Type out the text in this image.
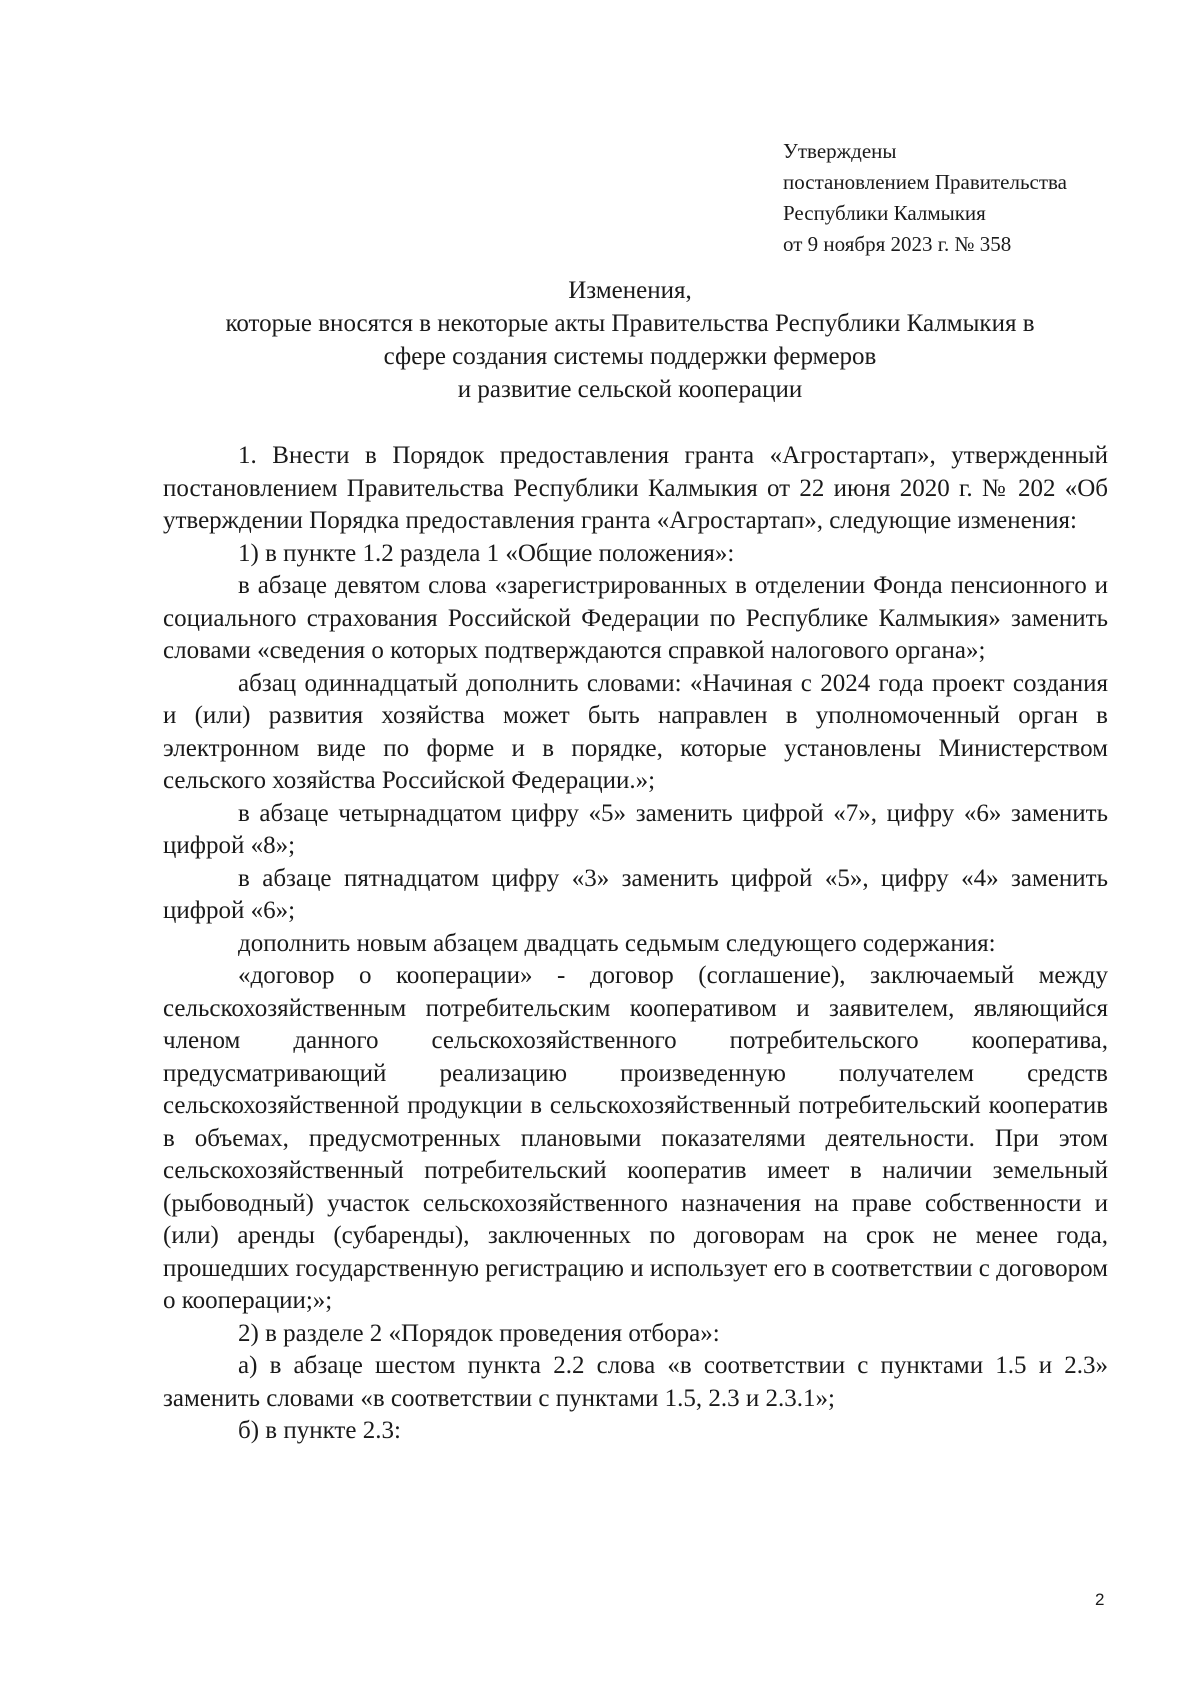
Утверждены
постановлением Правительства
Республики Калмыкия
от 9 ноября 2023 г. № 358
Изменения,
которые вносятся в некоторые акты Правительства Республики Калмыкия в
сфере создания системы поддержки фермеров
и развитие сельской кооперации

1. Внести в Порядок предоставления гранта «Агростартап», утвержденный постановлением Правительства Республики Калмыкия от 22 июня 2020 г. № 202 «Об утверждении Порядка предоставления гранта «Агростартап», следующие изменения:

1) в пункте 1.2 раздела 1 «Общие положения»:

в абзаце девятом слова «зарегистрированных в отделении Фонда пенсионного и социального страхования Российской Федерации по Республике Калмыкия» заменить словами «сведения о которых подтверждаются справкой налогового органа»;

абзац одиннадцатый дополнить словами: «Начиная с 2024 года проект создания и (или) развития хозяйства может быть направлен в уполномоченный орган в электронном виде по форме и в порядке, которые установлены Министерством сельского хозяйства Российской Федерации.»;

в абзаце четырнадцатом цифру «5» заменить цифрой «7», цифру «6» заменить цифрой «8»;

в абзаце пятнадцатом цифру «3» заменить цифрой «5», цифру «4» заменить цифрой «6»;

дополнить новым абзацем двадцать седьмым следующего содержания:

«договор о кооперации» - договор (соглашение), заключаемый между сельскохозяйственным потребительским кооперативом и заявителем, являющийся членом данного сельскохозяйственного потребительского кооператива, предусматривающий реализацию произведенную получателем средств сельскохозяйственной продукции в сельскохозяйственный потребительский кооператив в объемах, предусмотренных плановыми показателями деятельности. При этом сельскохозяйственный потребительский кооператив имеет в наличии земельный (рыбоводный) участок сельскохозяйственного назначения на праве собственности и (или) аренды (субаренды), заключенных по договорам на срок не менее года, прошедших государственную регистрацию и использует его в соответствии с договором о кооперации;»;

2) в разделе 2 «Порядок проведения отбора»:

а) в абзаце шестом пункта 2.2 слова «в соответствии с пунктами 1.5 и 2.3» заменить словами «в соответствии с пунктами 1.5, 2.3 и 2.3.1»;

б) в пункте 2.3:

2
